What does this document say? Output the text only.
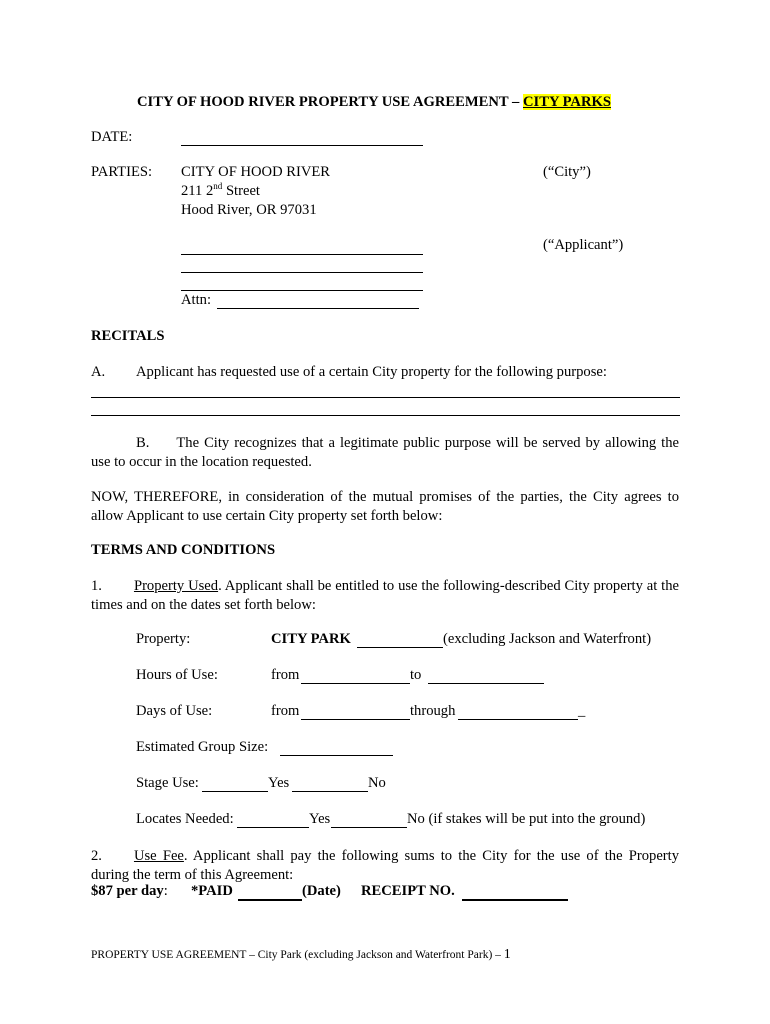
CITY OF HOOD RIVER PROPERTY USE AGREEMENT – CITY PARKS
DATE:
PARTIES: CITY OF HOOD RIVER	(“City”)
211 2nd Street
Hood River, OR 97031
(“Applicant”)
Attn:
RECITALS
A. Applicant has requested use of a certain City property for the following purpose:
B. The City recognizes that a legitimate public purpose will be served by allowing the use to occur in the location requested.
NOW, THEREFORE, in consideration of the mutual promises of the parties, the City agrees to allow Applicant to use certain City property set forth below:
TERMS AND CONDITIONS
1. Property Used. Applicant shall be entitled to use the following-described City property at the times and on the dates set forth below:
Property:	CITY PARK	(excluding Jackson and Waterfront)
Hours of Use:	from	to
Days of Use:	from	through	_
Estimated Group Size:
Stage Use:	Yes	No
Locates Needed:	Yes	No (if stakes will be put into the ground)
2. Use Fee. Applicant shall pay the following sums to the City for the use of the Property during the term of this Agreement:
$87 per day: *PAID	(Date) RECEIPT NO.
PROPERTY USE AGREEMENT – City Park (excluding Jackson and Waterfront Park) – 1
